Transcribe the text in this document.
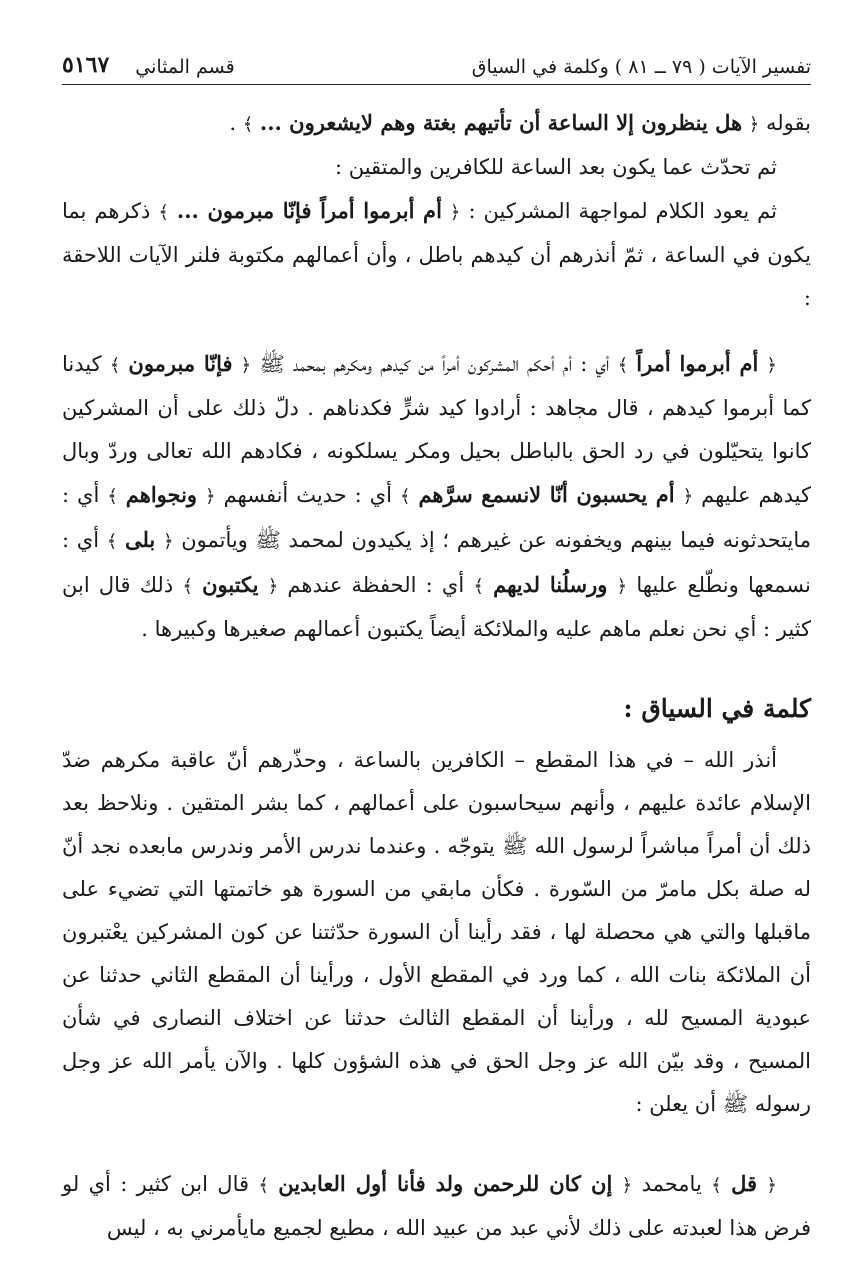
تفسير الآيات ( ٧٩ ــ ٨١ ) وكلمة في السياق
قسم المثاني
٥١٦٧

بقوله ﴿ هل ينظرون إلا الساعة أن تأتيهم بغتة وهم لايشعرون ... ﴾ .

ثم تحدّث عما يكون بعد الساعة للكافرين والمتقين :

ثم يعود الكلام لمواجهة المشركين : ﴿ أم أبرموا أمراً فإنّا مبرمون ... ﴾ ذكرهم بما يكون في الساعة ، ثمّ أنذرهم أن كيدهم باطل ، وأن أعمالهم مكتوبة فلنر الآيات اللاحقة :

﴿ أم أبرموا أمراً ﴾ أي : أم أحكم المشركون أمراً من كيدهم ومكرهم بمحمد ﷺ ﴿ فإنّا مبرمون ﴾ كيدنا كما أبرموا كيدهم ، قال مجاهد : أرادوا كيد شرٍّ فكدناهم . دلّ ذلك على أن المشركين كانوا يتحيّلون في رد الحق بالباطل بحيل ومكر يسلكونه ، فكادهم الله تعالى وردّ وبال كيدهم عليهم ﴿ أم يحسبون أنّا لانسمع سرَّهم ﴾ أي : حديث أنفسهم ﴿ ونجواهم ﴾ أي : مايتحدثونه فيما بينهم ويخفونه عن غيرهم ؛ إذ يكيدون لمحمد ﷺ ويأتمون ﴿ بلى ﴾ أي : نسمعها ونطّلع عليها ﴿ ورسلُنا لديهم ﴾ أي : الحفظة عندهم ﴿ يكتبون ﴾ ذلك قال ابن كثير : أي نحن نعلم ماهم عليه والملائكة أيضاً يكتبون أعمالهم صغيرها وكبيرها .

كلمة في السياق :

أنذر الله – في هذا المقطع – الكافرين بالساعة ، وحذّرهم أنّ عاقبة مكرهم ضدّ الإسلام عائدة عليهم ، وأنهم سيحاسبون على أعمالهم ، كما بشر المتقين . ونلاحظ بعد ذلك أن أمراً مباشراً لرسول الله ﷺ يتوجّه . وعندما ندرس الأمر وندرس مابعده نجد أنّ له صلة بكل مامرّ من السّورة . فكأن مابقي من السورة هو خاتمتها التي تضيء على ماقبلها والتي هي محصلة لها ، فقد رأينا أن السورة حدّثتنا عن كون المشركين يعْتبرون أن الملائكة بنات الله ، كما ورد في المقطع الأول ، ورأينا أن المقطع الثاني حدثنا عن عبودية المسيح لله ، ورأينا أن المقطع الثالث حدثنا عن اختلاف النصارى في شأن المسيح ، وقد بيّن الله عز وجل الحق في هذه الشؤون كلها . والآن يأمر الله عز وجل رسوله ﷺ أن يعلن :

﴿ قل ﴾ يامحمد ﴿ إن كان للرحمن ولد فأنا أول العابدين ﴾ قال ابن كثير : أي لو فرض هذا لعبدته على ذلك لأني عبد من عبيد الله ، مطيع لجميع مايأمرني به ، ليس
